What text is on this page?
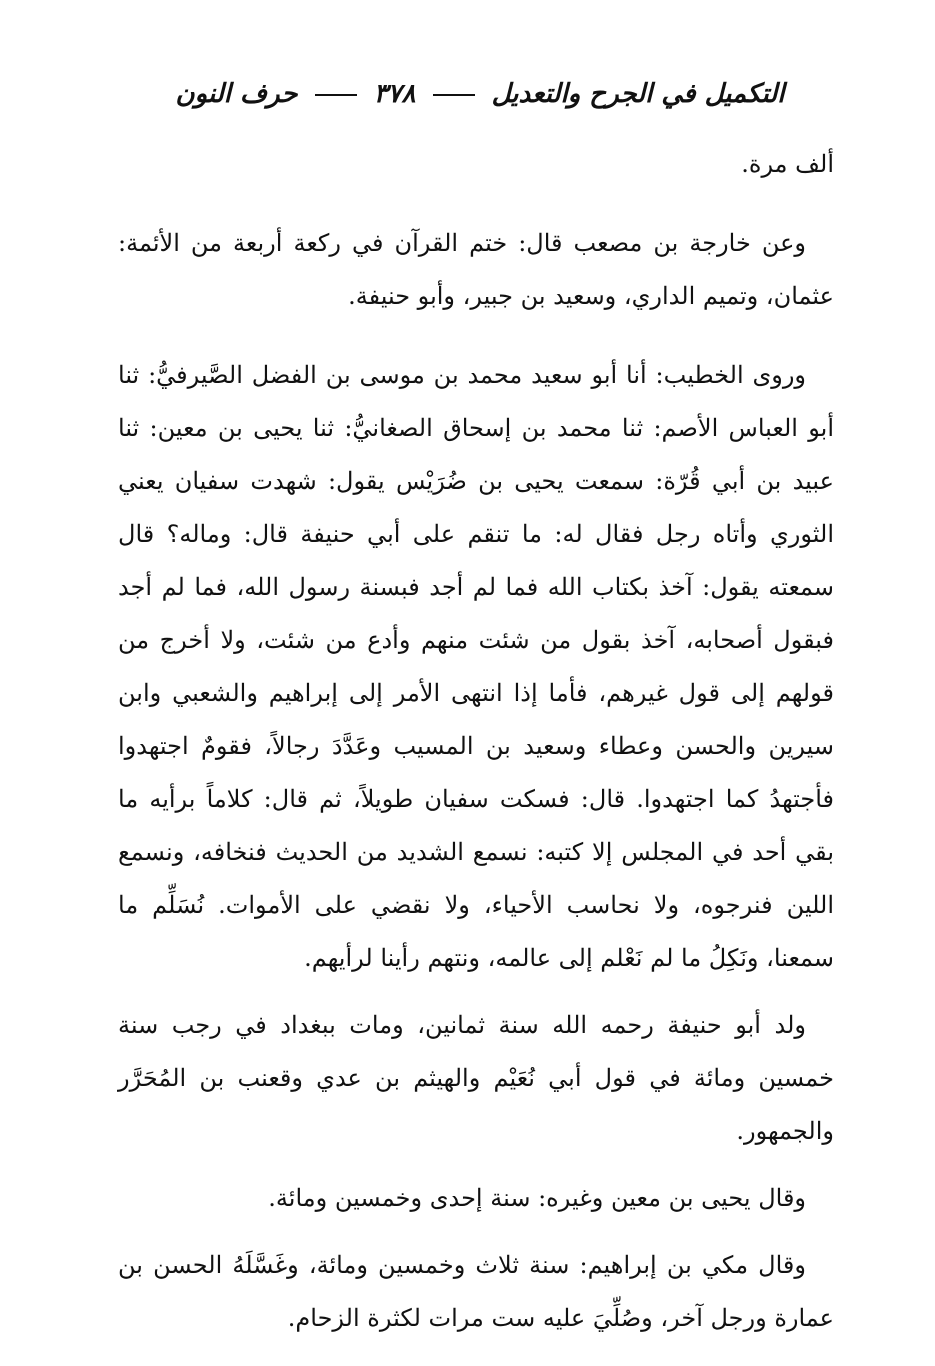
التكميل في الجرح والتعديل  ٣٧٨  حرف النون

ألف مرة.

وعن خارجة بن مصعب قال: ختم القرآن في ركعة أربعة من الأئمة: عثمان، وتميم الداري، وسعيد بن جبير، وأبو حنيفة.

وروى الخطيب: أنا أبو سعيد محمد بن موسى بن الفضل الصَّيرفيُّ: ثنا أبو العباس الأصم: ثنا محمد بن إسحاق الصغانيُّ: ثنا يحيى بن معين: ثنا عبيد بن أبي قُرّة: سمعت يحيى بن ضُرَيْس يقول: شهدت سفيان يعني الثوري وأتاه رجل فقال له: ما تنقم على أبي حنيفة قال: وماله؟ قال سمعته يقول: آخذ بكتاب الله فما لم أجد فبسنة رسول الله، فما لم أجد فبقول أصحابه، آخذ بقول من شئت منهم وأدع من شئت، ولا أخرج من قولهم إلى قول غيرهم، فأما إذا انتهى الأمر إلى إبراهيم والشعبي وابن سيرين والحسن وعطاء وسعيد بن المسيب وعَدَّدَ رجالاً، فقومٌ اجتهدوا فأجتهدُ كما اجتهدوا. قال: فسكت سفيان طويلاً، ثم قال: كلاماً برأيه ما بقي أحد في المجلس إلا كتبه: نسمع الشديد من الحديث فنخافه، ونسمع اللين فنرجوه، ولا نحاسب الأحياء، ولا نقضي على الأموات. نُسَلِّم ما سمعنا، ونَكِلُ ما لم نَعْلم إلى عالمه، ونتهم رأينا لرأيهم.

ولد أبو حنيفة رحمه الله سنة ثمانين، ومات ببغداد في رجب سنة خمسين ومائة في قول أبي نُعَيْم والهيثم بن عدي وقعنب بن المُحَرَّر والجمهور.

وقال يحيى بن معين وغيره: سنة إحدى وخمسين ومائة.

وقال مكي بن إبراهيم: سنة ثلاث وخمسين ومائة، وغَسَّلَهُ الحسن بن عمارة ورجل آخر، وصُلِّيَ عليه ست مرات لكثرة الزحام.
